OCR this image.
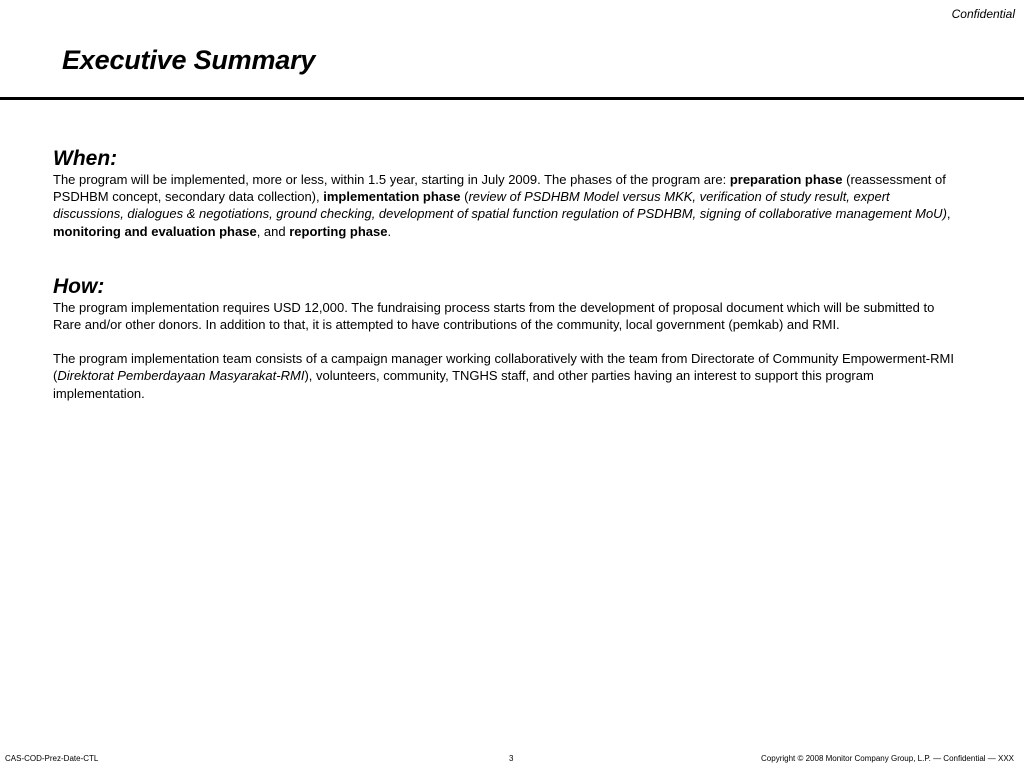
Confidential
Executive Summary
When:

The program will be implemented, more or less, within 1.5 year, starting in July 2009. The phases of the program are: preparation phase (reassessment of PSDHBM concept, secondary data collection), implementation phase (review of PSDHBM Model versus MKK, verification of study result, expert discussions, dialogues & negotiations, ground checking, development of spatial function regulation of PSDHBM, signing of collaborative management MoU), monitoring and evaluation phase, and reporting phase.

How:

The program implementation requires USD 12,000. The fundraising process starts from the development of proposal document which will be submitted to Rare and/or other donors. In addition to that, it is attempted to have contributions of the community, local government (pemkab) and RMI.

The program implementation team consists of a campaign manager working collaboratively with the team from Directorate of Community Empowerment-RMI (Direktorat Pemberdayaan Masyarakat-RMI), volunteers, community, TNGHS staff, and other parties having an interest to support this program implementation.

CAS-COD-Prez-Date-CTL	3	Copyright © 2008 Monitor Company Group, L.P. — Confidential — XXX
